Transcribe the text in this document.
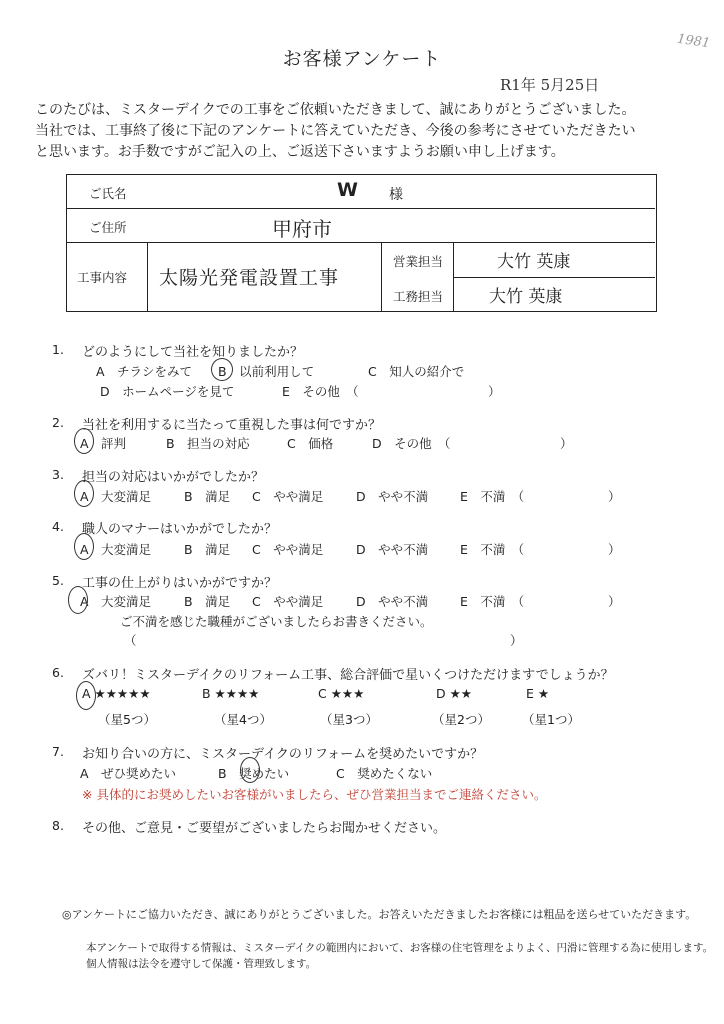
お客様アンケート
1981
R1年 5月25日
このたびは、ミスターデイクでの工事をご依頼いただきまして、誠にありがとうございました。
当社では、工事終了後に下記のアンケートに答えていただき、今後の参考にさせていただきたい
と思います。お手数ですがご記入の上、ご返送下さいますようお願い申し上げます。
ご氏名	W 様
ご住所	甲府市
工事内容 太陽光発電設置工事
営業担当	大竹 英康
工務担当	大竹 英康
1. どのようにして当社を知りましたか？
A　チラシをみて B　以前利用して	C　知人の紹介で
D　ホームページを見て	E　その他　（	）
2. 当社を利用するに当たって重視した事は何ですか？
A　評判	B　担当の対応	C　価格	D　その他　（	）
3. 担当の対応はいかがでしたか？
A　大変満足	B　満足 C　やや満足	D　やや不満	E　不満　（	）
4. 職人のマナーはいかがでしたか？
A　大変満足	B　満足 C　やや満足	D　やや不満	E　不満　（	）
5. 工事の仕上がりはいかがですか？
A　大変満足	B　満足 C　やや満足	D　やや不満	E　不満　（	）
ご不満を感じた職種がございましたらお書きください。
（	）
6. ズバリ！ミスターデイクのリフォーム工事、総合評価で星いくつけただけますでしょうか？
A ★★★★★	B ★★★★	C ★★★	D ★★	E ★
（星5つ）	（星4つ）	（星3つ）	（星2つ）	（星1つ）
7. お知り合いの方に、ミスターデイクのリフォームを奨めたいですか？
A　ぜひ奨めたい	B　奨めたい	C　奨めたくない
※ 具体的にお奨めしたいお客様がいましたら、ぜひ営業担当までご連絡ください。
8. その他、ご意見・ご要望がございましたらお聞かせください。
◎アンケートにご協力いただき、誠にありがとうございました。お答えいただきましたお客様には粗品を送らせていただきます。
本アンケートで取得する情報は、ミスターデイクの範囲内において、お客様の住宅管理をよりよく、円滑に管理する為に使用します。
個人情報は法令を遵守して保護・管理致します。
